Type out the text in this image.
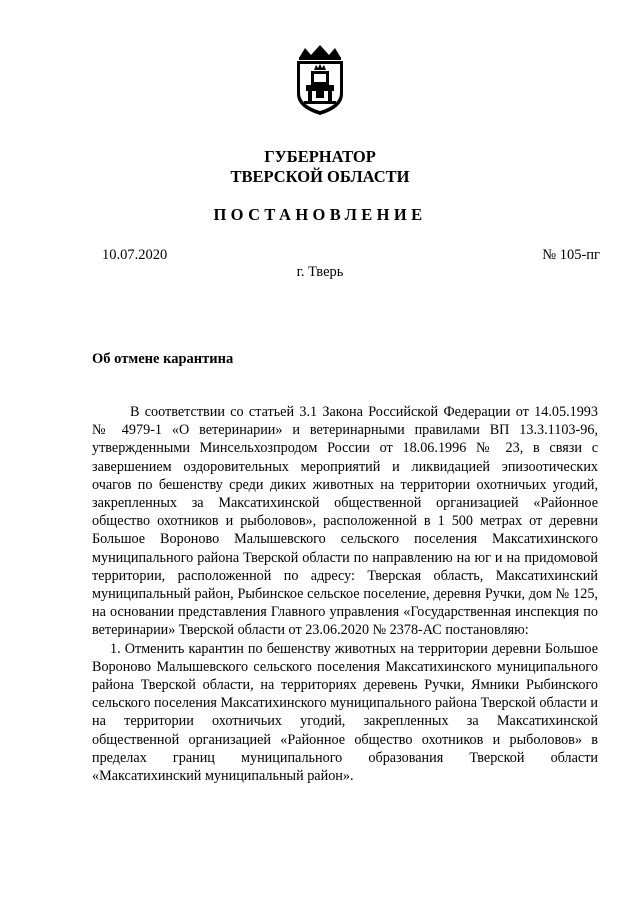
ГУБЕРНАТОР
ТВЕРСКОЙ ОБЛАСТИ
ПОСТАНОВЛЕНИЕ
10.07.2020	№ 105-пг
г. Тверь
Об отмене карантина

В соответствии со статьей 3.1 Закона Российской Федерации от 14.05.1993 № 4979-1 «О ветеринарии» и ветеринарными правилами ВП 13.3.1103-96, утвержденными Минсельхозпродом России от 18.06.1996 № 23, в связи с завершением оздоровительных мероприятий и ликвидацией эпизоотических очагов по бешенству среди диких животных на территории охотничьих угодий, закрепленных за Максатихинской общественной организацией «Районное общество охотников и рыболовов», расположенной в 1 500 метрах от деревни Большое Вороново Малышевского сельского поселения Максатихинского муниципального района Тверской области по направлению на юг и на придомовой территории, расположенной по адресу: Тверская область, Максатихинский муниципальный район, Рыбинское сельское поселение, деревня Ручки, дом № 125, на основании представления Главного управления «Государственная инспекция по ветеринарии» Тверской области от 23.06.2020 № 2378-АС постановляю:

1. Отменить карантин по бешенству животных на территории деревни Большое Вороново Малышевского сельского поселения Максатихинского муниципального района Тверской области, на территориях деревень Ручки, Ямники Рыбинского сельского поселения Максатихинского муниципального района Тверской области и на территории охотничьих угодий, закрепленных за Максатихинской общественной организацией «Районное общество охотников и рыболовов» в пределах границ муниципального образования Тверской области «Максатихинский муниципальный район».
